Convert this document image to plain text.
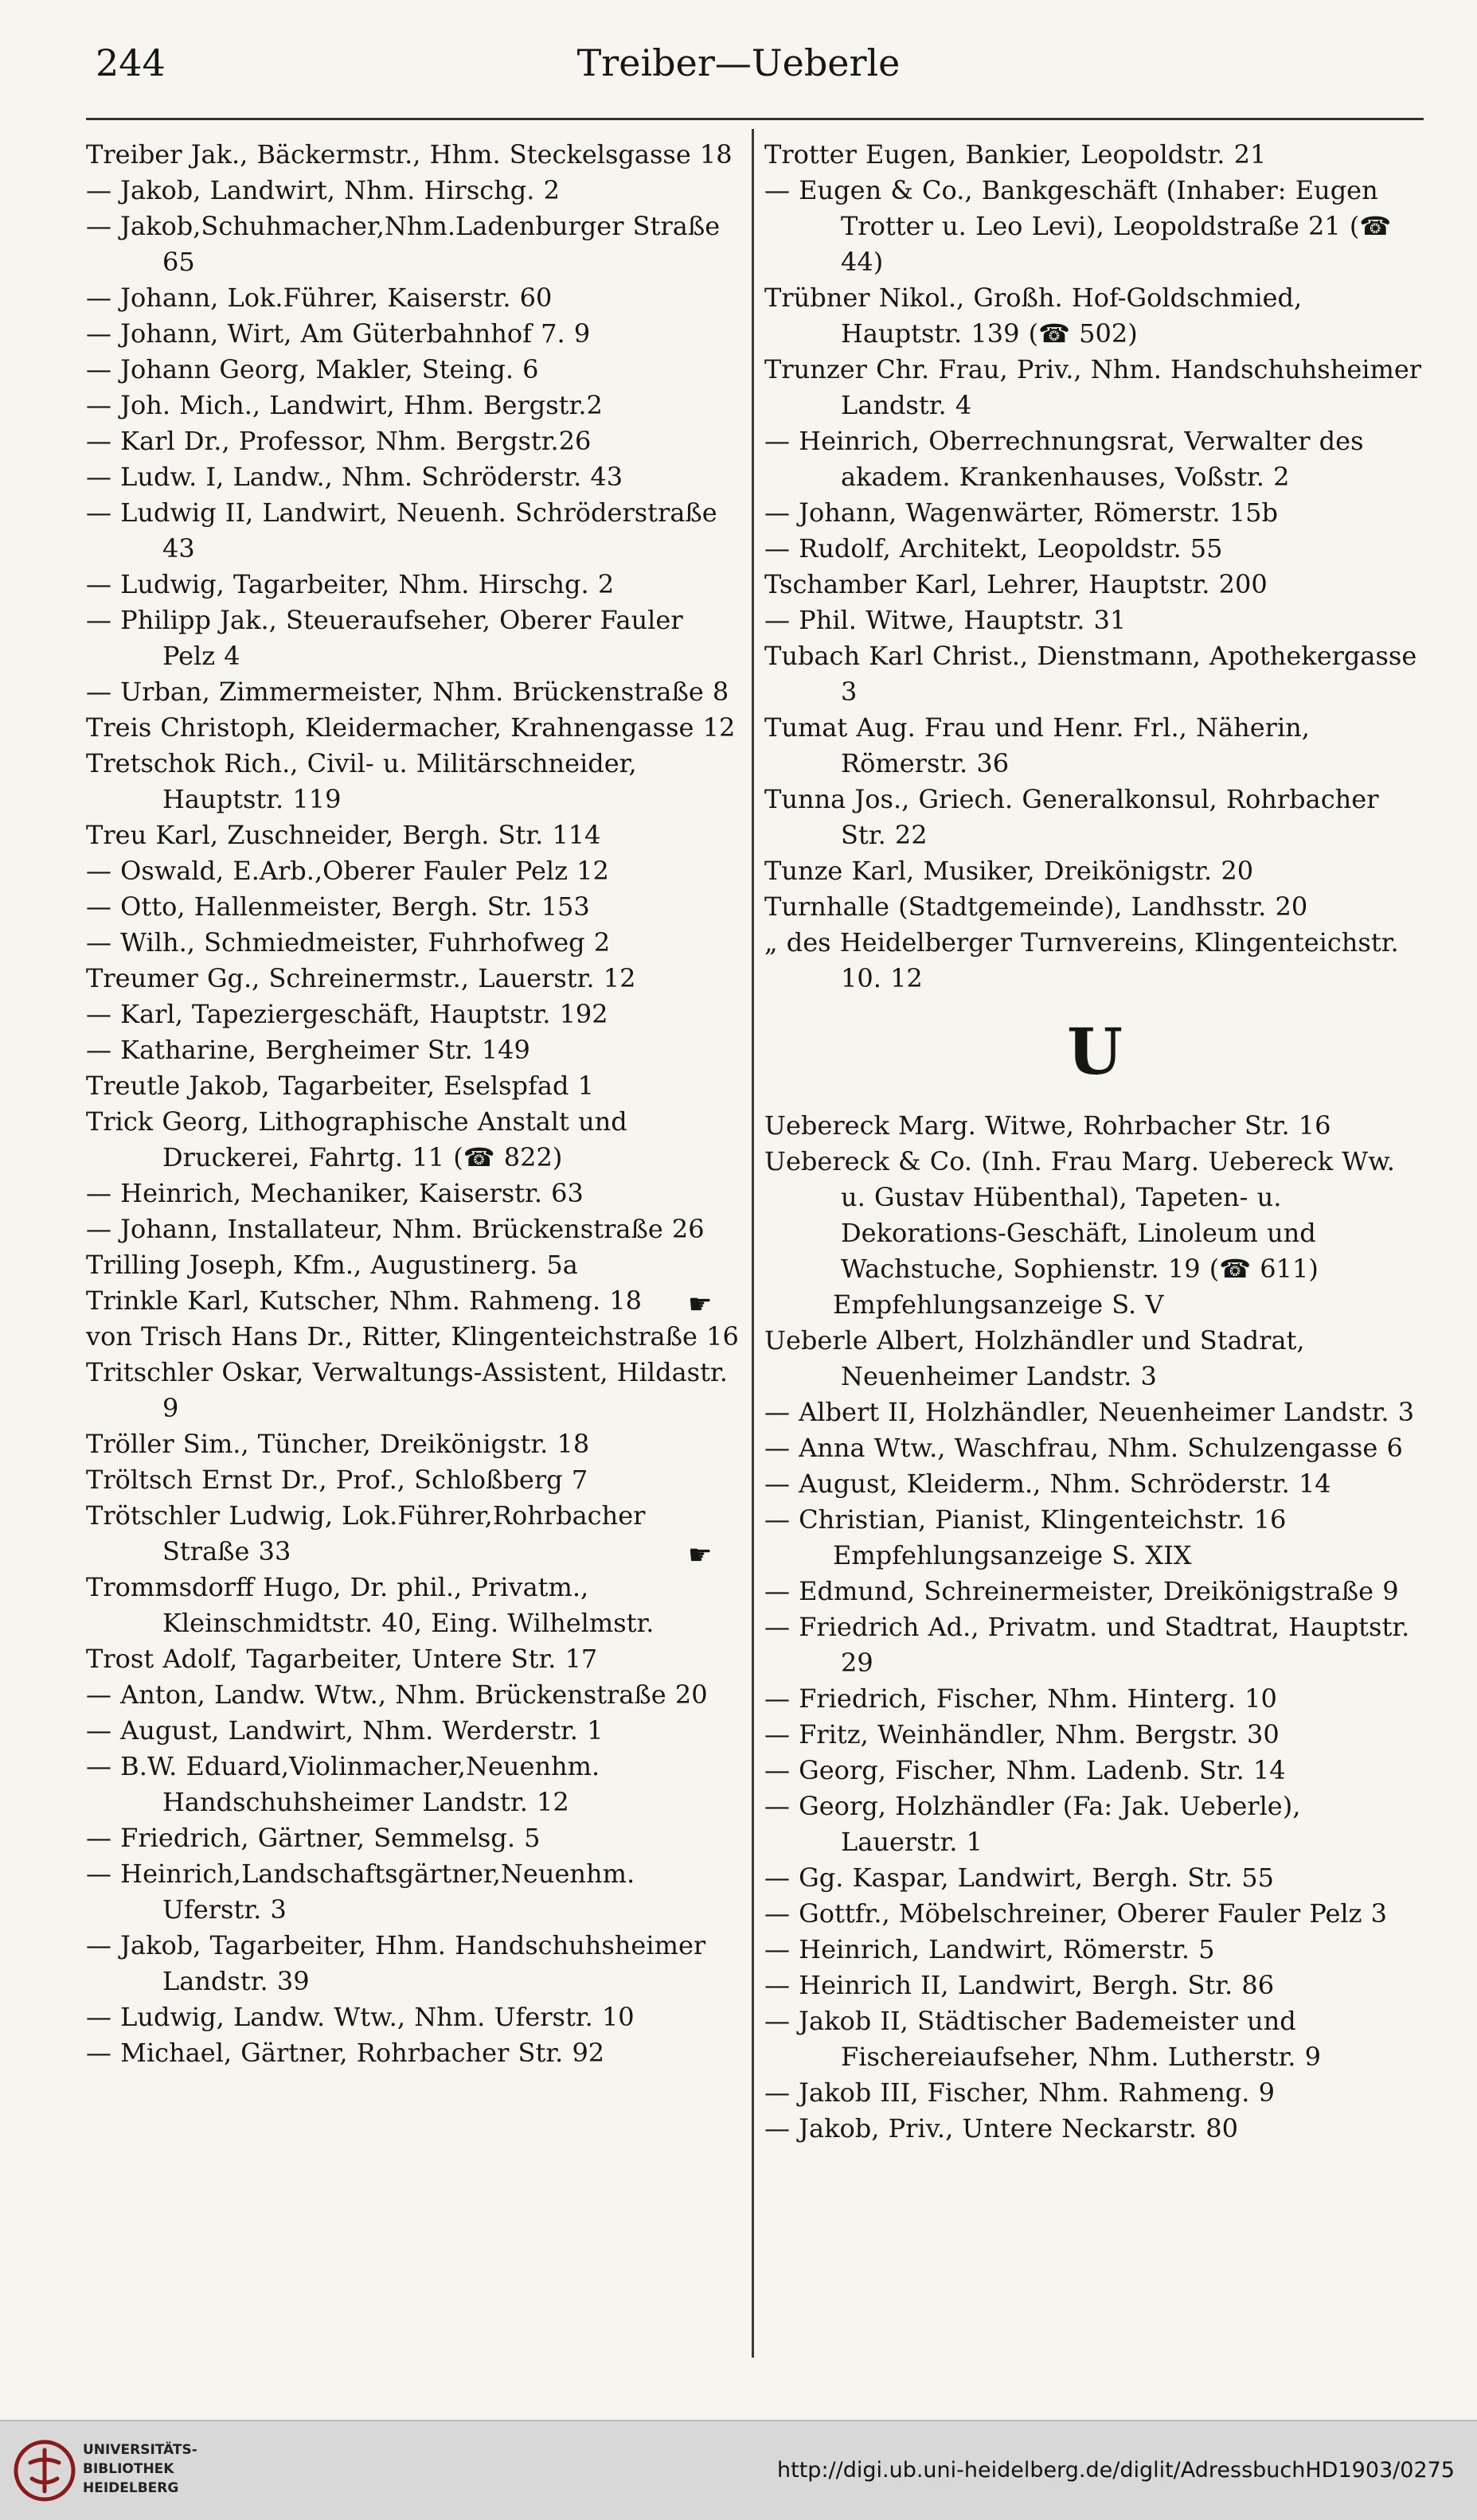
244	Treiber—Ueberle

Treiber Jak., Bäckermstr., Hhm. Steckelsgasse 18

— Jakob, Landwirt, Nhm. Hirschg. 2

— Jakob,Schuhmacher,Nhm.Ladenburger Straße 65

— Johann, Lok.Führer, Kaiserstr. 60

— Johann, Wirt, Am Güterbahnhof 7. 9

— Johann Georg, Makler, Steing. 6

— Joh. Mich., Landwirt, Hhm. Bergstr.2

— Karl Dr., Professor, Nhm. Bergstr.26

— Ludw. I, Landw., Nhm. Schröderstr. 43

— Ludwig II, Landwirt, Neuenh. Schröderstraße 43

— Ludwig, Tagarbeiter, Nhm. Hirschg. 2

— Philipp Jak., Steueraufseher, Oberer Fauler Pelz 4

— Urban, Zimmermeister, Nhm. Brückenstraße 8

Treis Christoph, Kleidermacher, Krahnengasse 12

Tretschok Rich., Civil- u. Militärschneider, Hauptstr. 119

Treu Karl, Zuschneider, Bergh. Str. 114

— Oswald, E.Arb.,Oberer Fauler Pelz 12

— Otto, Hallenmeister, Bergh. Str. 153

— Wilh., Schmiedmeister, Fuhrhofweg 2

Treumer Gg., Schreinermstr., Lauerstr. 12

— Karl, Tapeziergeschäft, Hauptstr. 192

— Katharine, Bergheimer Str. 149

Treutle Jakob, Tagarbeiter, Eselspfad 1

Trick Georg, Lithographische Anstalt und Druckerei, Fahrtg. 11 (☎ 822)

— Heinrich, Mechaniker, Kaiserstr. 63

— Johann, Installateur, Nhm. Brückenstraße 26

Trilling Joseph, Kfm., Augustinerg. 5a

Trinkle Karl, Kutscher, Nhm. Rahmeng. 18

von Trisch Hans Dr., Ritter, Klingenteichstraße 16

Tritschler Oskar, Verwaltungs-Assistent, Hildastr. 9

Tröller Sim., Tüncher, Dreikönigstr. 18

Tröltsch Ernst Dr., Prof., Schloßberg 7

Trötschler Ludwig, Lok.Führer,Rohrbacher Straße 33

Trommsdorff Hugo, Dr. phil., Privatm., Kleinschmidtstr. 40, Eing. Wilhelmstr.

Trost Adolf, Tagarbeiter, Untere Str. 17

— Anton, Landw. Wtw., Nhm. Brückenstraße 20

— August, Landwirt, Nhm. Werderstr. 1

— B.W. Eduard,Violinmacher,Neuenhm. Handschuhsheimer Landstr. 12

— Friedrich, Gärtner, Semmelsg. 5

— Heinrich,Landschaftsgärtner,Neuenhm. Uferstr. 3

— Jakob, Tagarbeiter, Hhm. Handschuhsheimer Landstr. 39

— Ludwig, Landw. Wtw., Nhm. Uferstr. 10

— Michael, Gärtner, Rohrbacher Str. 92

Trotter Eugen, Bankier, Leopoldstr. 21

— Eugen & Co., Bankgeschäft (Inhaber: Eugen Trotter u. Leo Levi), Leopoldstraße 21 (☎ 44)

Trübner Nikol., Großh. Hof-Goldschmied, Hauptstr. 139 (☎ 502)

Trunzer Chr. Frau, Priv., Nhm. Handschuhsheimer Landstr. 4

— Heinrich, Oberrechnungsrat, Verwalter des akadem. Krankenhauses, Voßstr. 2

— Johann, Wagenwärter, Römerstr. 15b

— Rudolf, Architekt, Leopoldstr. 55

Tschamber Karl, Lehrer, Hauptstr. 200

— Phil. Witwe, Hauptstr. 31

Tubach Karl Christ., Dienstmann, Apothekergasse 3

Tumat Aug. Frau und Henr. Frl., Näherin, Römerstr. 36

Tunna Jos., Griech. Generalkonsul, Rohrbacher Str. 22

Tunze Karl, Musiker, Dreikönigstr. 20

Turnhalle (Stadtgemeinde), Landhsstr. 20

„ des Heidelberger Turnvereins, Klingenteichstr. 10. 12

U

Uebereck Marg. Witwe, Rohrbacher Str. 16

Uebereck & Co. (Inh. Frau Marg. Uebereck Ww. u. Gustav Hübenthal), Tapeten- u. Dekorations-Geschäft, Linoleum und Wachstuche, Sophienstr. 19 (☎ 611)

☛	Empfehlungsanzeige S. V

Ueberle Albert, Holzhändler und Stadrat, Neuenheimer Landstr. 3

— Albert II, Holzhändler, Neuenheimer Landstr. 3

— Anna Wtw., Waschfrau, Nhm. Schulzengasse 6

— August, Kleiderm., Nhm. Schröderstr. 14

— Christian, Pianist, Klingenteichstr. 16

☛	Empfehlungsanzeige S. XIX

— Edmund, Schreinermeister, Dreikönigstraße 9

— Friedrich Ad., Privatm. und Stadtrat, Hauptstr. 29

— Friedrich, Fischer, Nhm. Hinterg. 10

— Fritz, Weinhändler, Nhm. Bergstr. 30

— Georg, Fischer, Nhm. Ladenb. Str. 14

— Georg, Holzhändler (Fa: Jak. Ueberle), Lauerstr. 1

— Gg. Kaspar, Landwirt, Bergh. Str. 55

— Gottfr., Möbelschreiner, Oberer Fauler Pelz 3

— Heinrich, Landwirt, Römerstr. 5

— Heinrich II, Landwirt, Bergh. Str. 86

— Jakob II, Städtischer Bademeister und Fischereiaufseher, Nhm. Lutherstr. 9

— Jakob III, Fischer, Nhm. Rahmeng. 9

— Jakob, Priv., Untere Neckarstr. 80

UNIVERSITÄTS-
BIBLIOTHEK
HEIDELBERG
http://digi.ub.uni-heidelberg.de/diglit/AdressbuchHD1903/0275
